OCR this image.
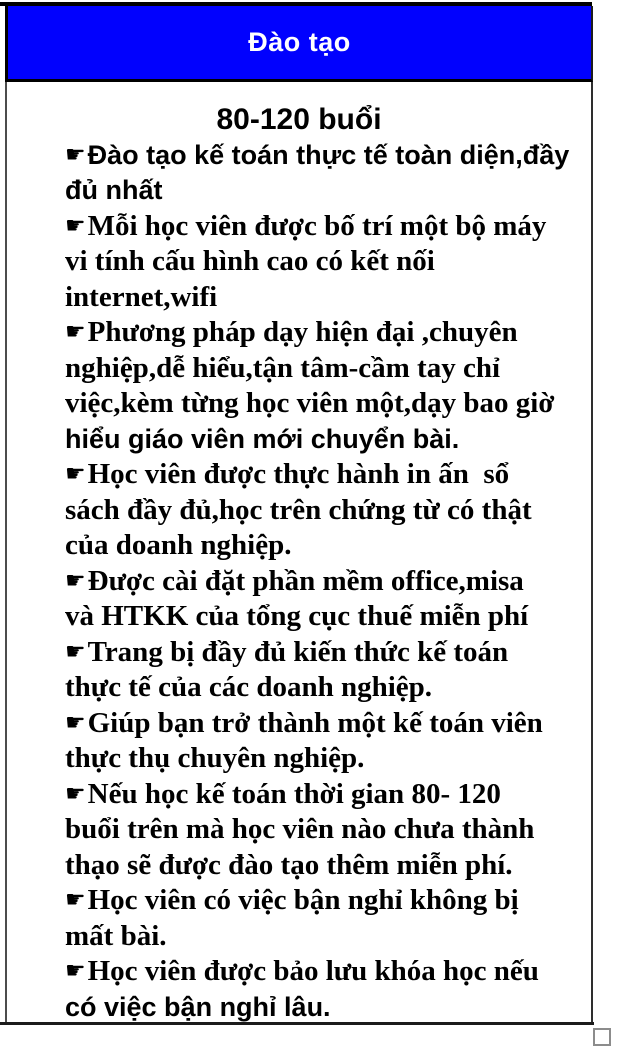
Đào tạo
80-120 buổi
☛Đào tạo kế toán thực tế toàn diện,đầy
đủ nhất
☛Mỗi học viên được bố trí một bộ máy
vi tính cấu hình cao có kết nối
internet,wifi
☛Phương pháp dạy hiện đại ,chuyên
nghiệp,dễ hiểu,tận tâm-cầm tay chỉ
việc,kèm từng học viên một,dạy bao giờ
hiểu giáo viên mới chuyển bài.
☛Học viên được thực hành in ấn  sổ
sách đầy đủ,học trên chứng từ có thật
của doanh nghiệp.
☛Được cài đặt phần mềm office,misa
và HTKK của tổng cục thuế miễn phí
☛Trang bị đầy đủ kiến thức kế toán
thực tế của các doanh nghiệp.
☛Giúp bạn trở thành một kế toán viên
thực thụ chuyên nghiệp.
☛Nếu học kế toán thời gian 80- 120
buổi trên mà học viên nào chưa thành
thạo sẽ được đào tạo thêm miễn phí.
☛Học viên có việc bận nghỉ không bị
mất bài.
☛Học viên được bảo lưu khóa học nếu
có việc bận nghỉ lâu.
